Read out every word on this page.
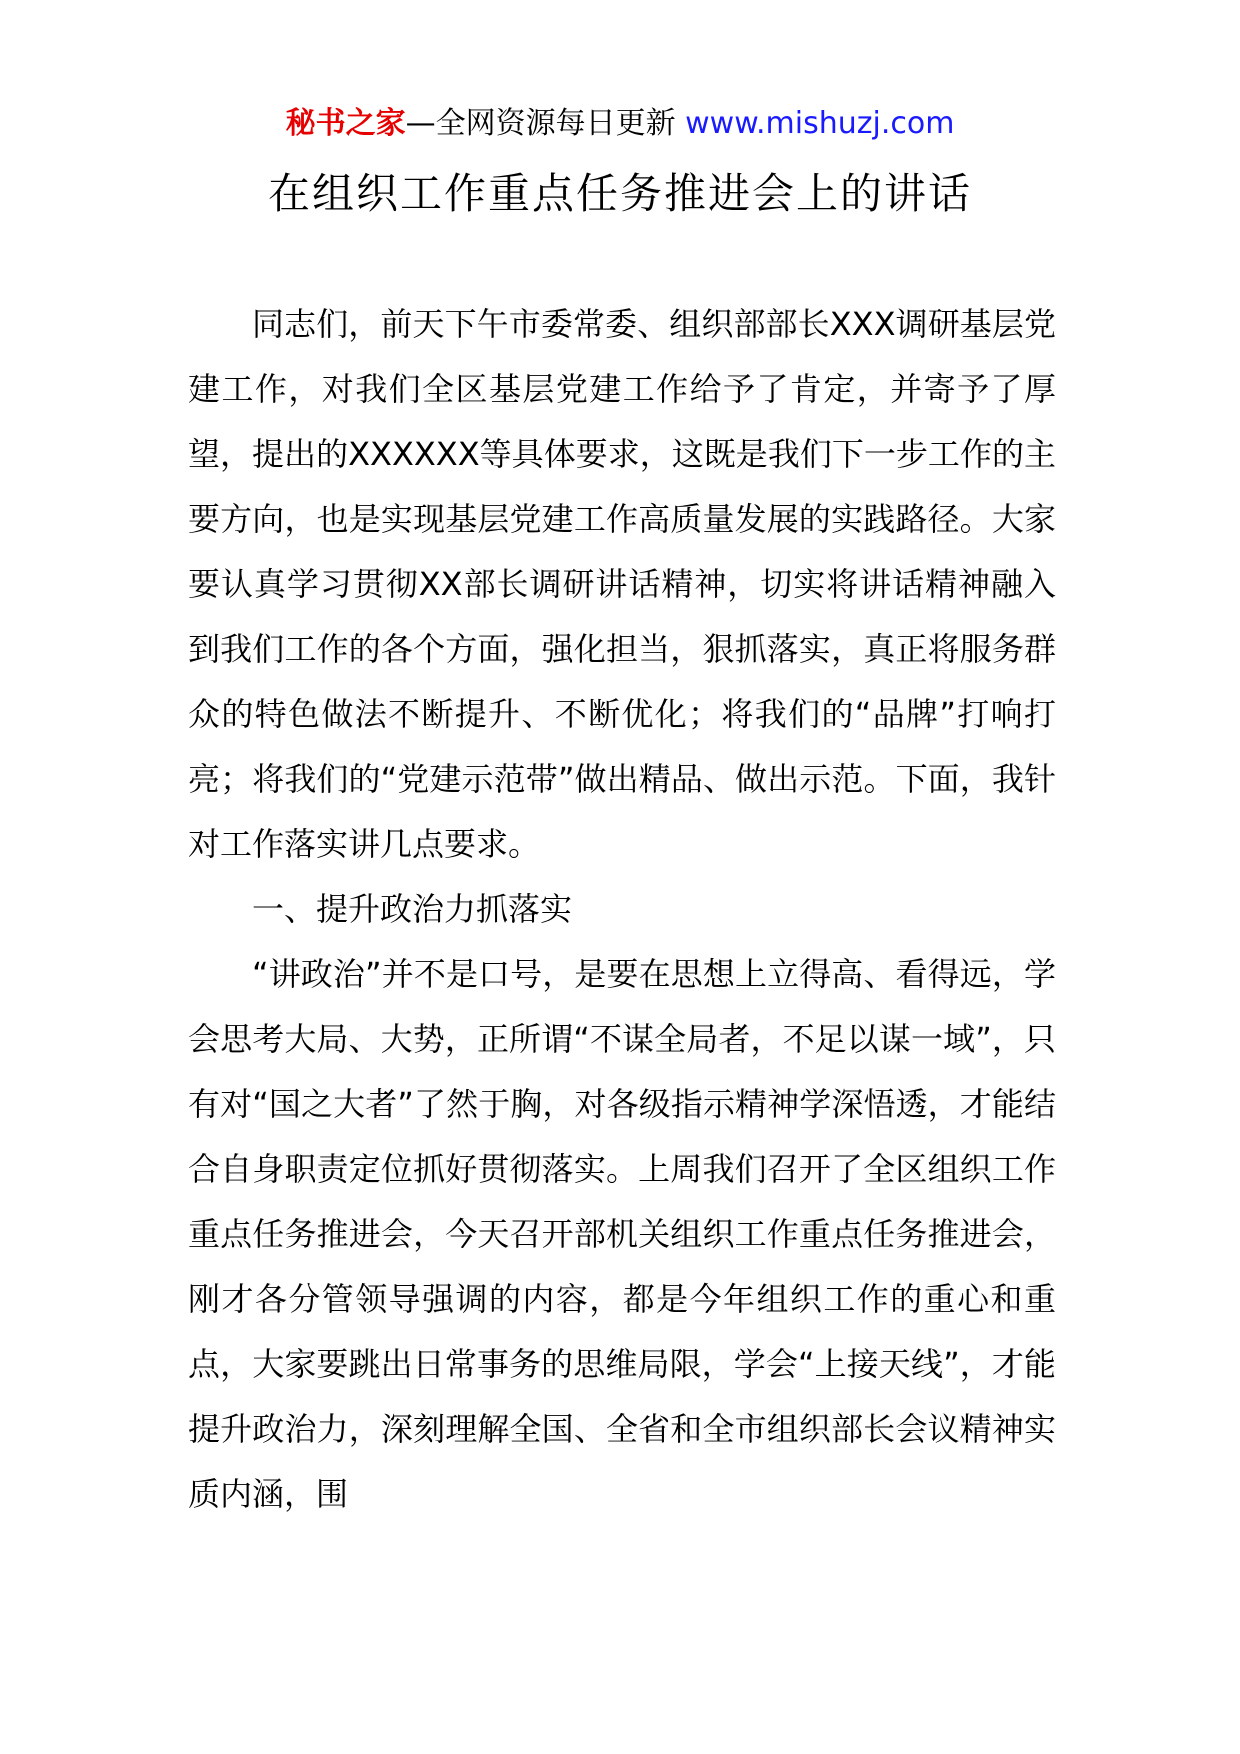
秘书之家—全网资源每日更新 www.mishuzj.com
在组织工作重点任务推进会上的讲话

同志们，前天下午市委常委、组织部部长XXX调研基层党建工作，对我们全区基层党建工作给予了肯定，并寄予了厚望，提出的XXXXXX等具体要求，这既是我们下一步工作的主要方向，也是实现基层党建工作高质量发展的实践路径。大家要认真学习贯彻XX部长调研讲话精神，切实将讲话精神融入到我们工作的各个方面，强化担当，狠抓落实，真正将服务群众的特色做法不断提升、不断优化；将我们的“品牌”打响打亮；将我们的“党建示范带”做出精品、做出示范。下面，我针对工作落实讲几点要求。

一、提升政治力抓落实

“讲政治”并不是口号，是要在思想上立得高、看得远，学会思考大局、大势，正所谓“不谋全局者，不足以谋一域”，只有对“国之大者”了然于胸，对各级指示精神学深悟透，才能结合自身职责定位抓好贯彻落实。上周我们召开了全区组织工作重点任务推进会，今天召开部机关组织工作重点任务推进会，刚才各分管领导强调的内容，都是今年组织工作的重心和重点，大家要跳出日常事务的思维局限，学会“上接天线”，才能提升政治力，深刻理解全国、全省和全市组织部长会议精神实质内涵，围
